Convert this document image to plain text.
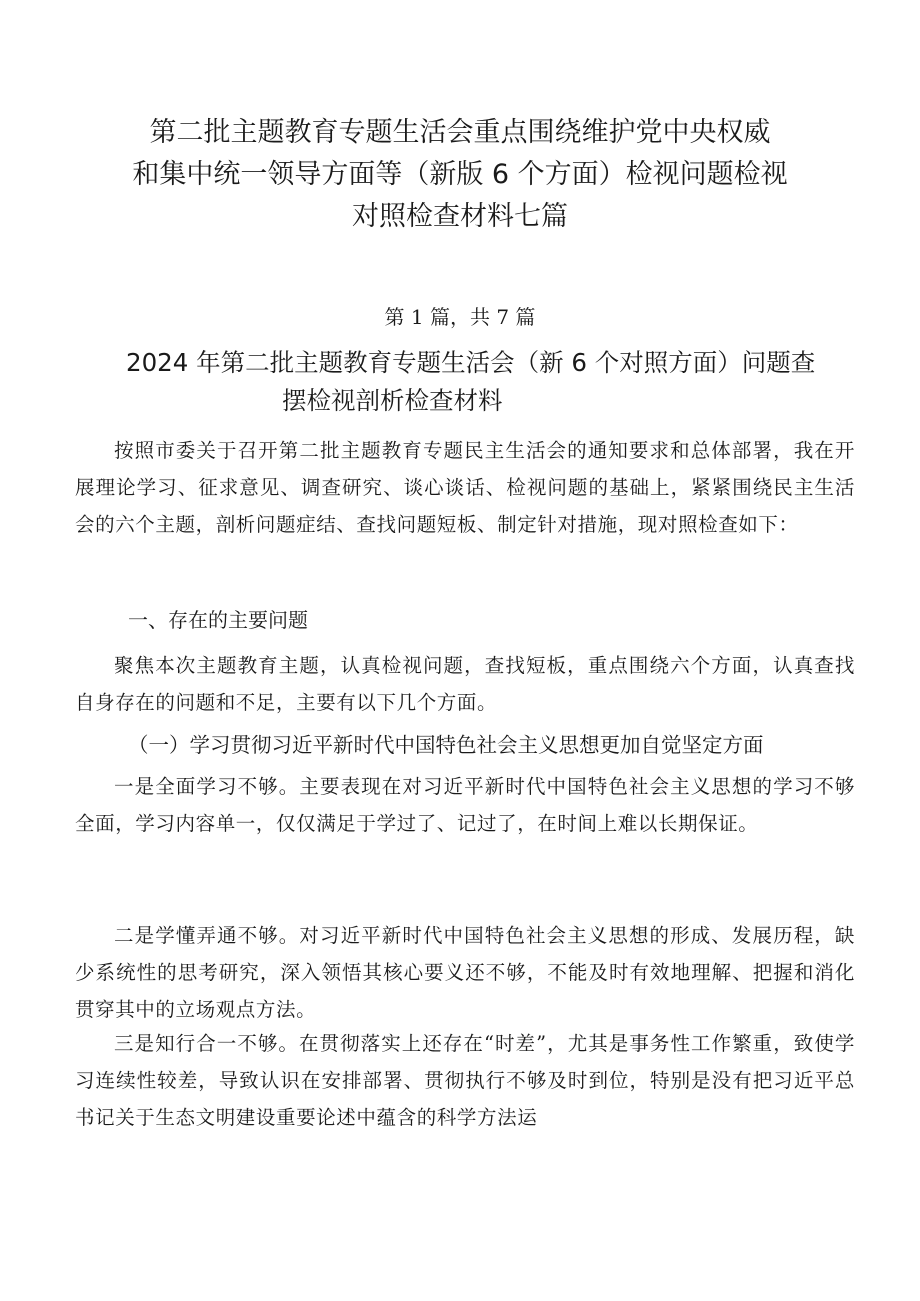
第二批主题教育专题生活会重点围绕维护党中央权威
和集中统一领导方面等（新版 6 个方面）检视问题检视
对照检查材料七篇
第 1 篇，共 7 篇
2024 年第二批主题教育专题生活会（新 6 个对照方面）问题查
摆检视剖析检查材料

按照市委关于召开第二批主题教育专题民主生活会的通知要求和总体部署，我在开展理论学习、征求意见、调查研究、谈心谈话、检视问题的基础上，紧紧围绕民主生活会的六个主题，剖析问题症结、查找问题短板、制定针对措施，现对照检查如下：

一、存在的主要问题

聚焦本次主题教育主题，认真检视问题，查找短板，重点围绕六个方面，认真查找自身存在的问题和不足，主要有以下几个方面。

（一）学习贯彻习近平新时代中国特色社会主义思想更加自觉坚定方面

一是全面学习不够。主要表现在对习近平新时代中国特色社会主义思想的学习不够全面，学习内容单一，仅仅满足于学过了、记过了，在时间上难以长期保证。

二是学懂弄通不够。对习近平新时代中国特色社会主义思想的形成、发展历程，缺少系统性的思考研究，深入领悟其核心要义还不够，不能及时有效地理解、把握和消化贯穿其中的立场观点方法。

三是知行合一不够。在贯彻落实上还存在“时差”，尤其是事务性工作繁重，致使学习连续性较差，导致认识在安排部署、贯彻执行不够及时到位，特别是没有把习近平总书记关于生态文明建设重要论述中蕴含的科学方法运
